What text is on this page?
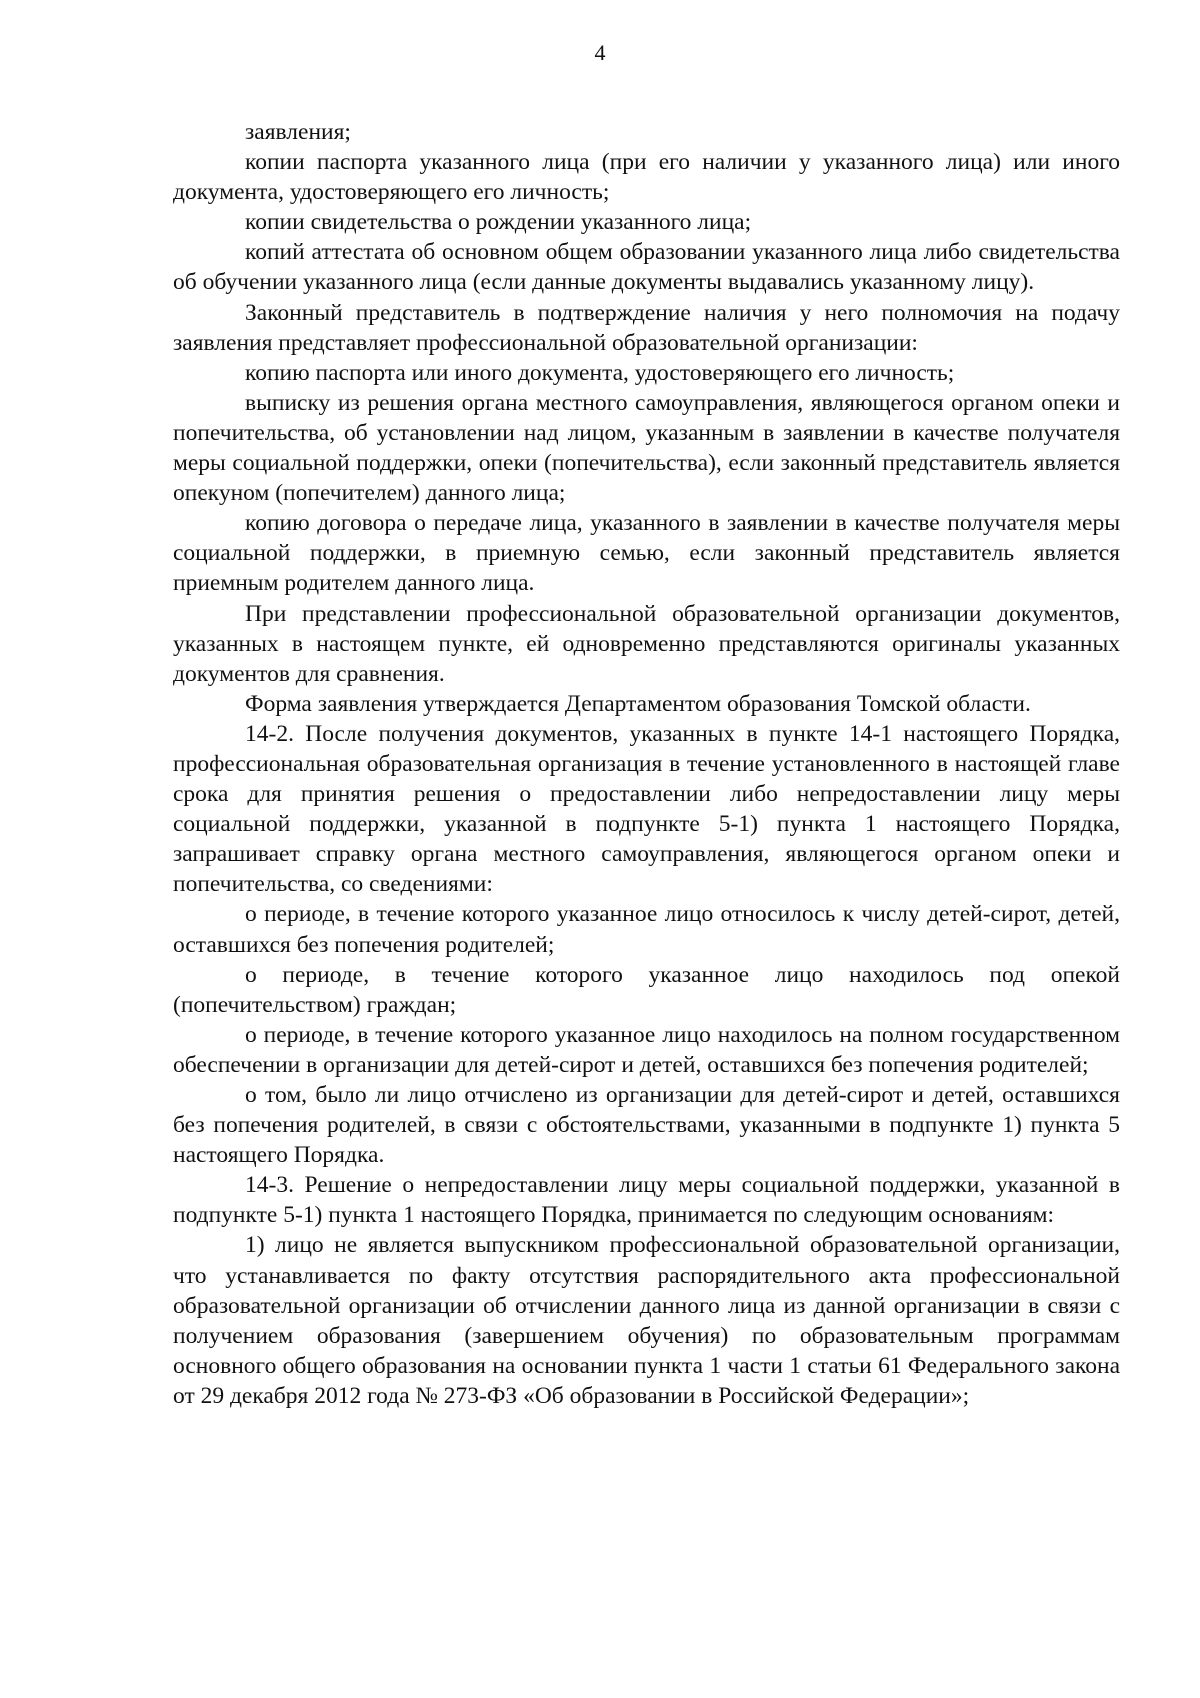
4

заявления;

копии паспорта указанного лица (при его наличии у указанного лица) или иного документа, удостоверяющего его личность;

копии свидетельства о рождении указанного лица;

копий аттестата об основном общем образовании указанного лица либо свидетельства об обучении указанного лица (если данные документы выдавались указанному лицу).

Законный представитель в подтверждение наличия у него полномочия на подачу заявления представляет профессиональной образовательной организации:

копию паспорта или иного документа, удостоверяющего его личность;

выписку из решения органа местного самоуправления, являющегося органом опеки и попечительства, об установлении над лицом, указанным в заявлении в качестве получателя меры социальной поддержки, опеки (попечительства), если законный представитель является опекуном (попечителем) данного лица;

копию договора о передаче лица, указанного в заявлении в качестве получателя меры социальной поддержки, в приемную семью, если законный представитель является приемным родителем данного лица.

При представлении профессиональной образовательной организации документов, указанных в настоящем пункте, ей одновременно представляются оригиналы указанных документов для сравнения.

Форма заявления утверждается Департаментом образования Томской области.

14-2. После получения документов, указанных в пункте 14-1 настоящего Порядка, профессиональная образовательная организация в течение установленного в настоящей главе срока для принятия решения о предоставлении либо непредоставлении лицу меры социальной поддержки, указанной в подпункте 5-1) пункта 1 настоящего Порядка, запрашивает справку органа местного самоуправления, являющегося органом опеки и попечительства, со сведениями:

о периоде, в течение которого указанное лицо относилось к числу детей-сирот, детей, оставшихся без попечения родителей;

о периоде, в течение которого указанное лицо находилось под опекой (попечительством) граждан;

о периоде, в течение которого указанное лицо находилось на полном государственном обеспечении в организации для детей-сирот и детей, оставшихся без попечения родителей;

о том, было ли лицо отчислено из организации для детей-сирот и детей, оставшихся без попечения родителей, в связи с обстоятельствами, указанными в подпункте 1) пункта 5 настоящего Порядка.

14-3. Решение о непредоставлении лицу меры социальной поддержки, указанной в подпункте 5-1) пункта 1 настоящего Порядка, принимается по следующим основаниям:

1) лицо не является выпускником профессиональной образовательной организации, что устанавливается по факту отсутствия распорядительного акта профессиональной образовательной организации об отчислении данного лица из данной организации в связи с получением образования (завершением обучения) по образовательным программам основного общего образования на основании пункта 1 части 1 статьи 61 Федерального закона от 29 декабря 2012 года № 273-ФЗ «Об образовании в Российской Федерации»;
